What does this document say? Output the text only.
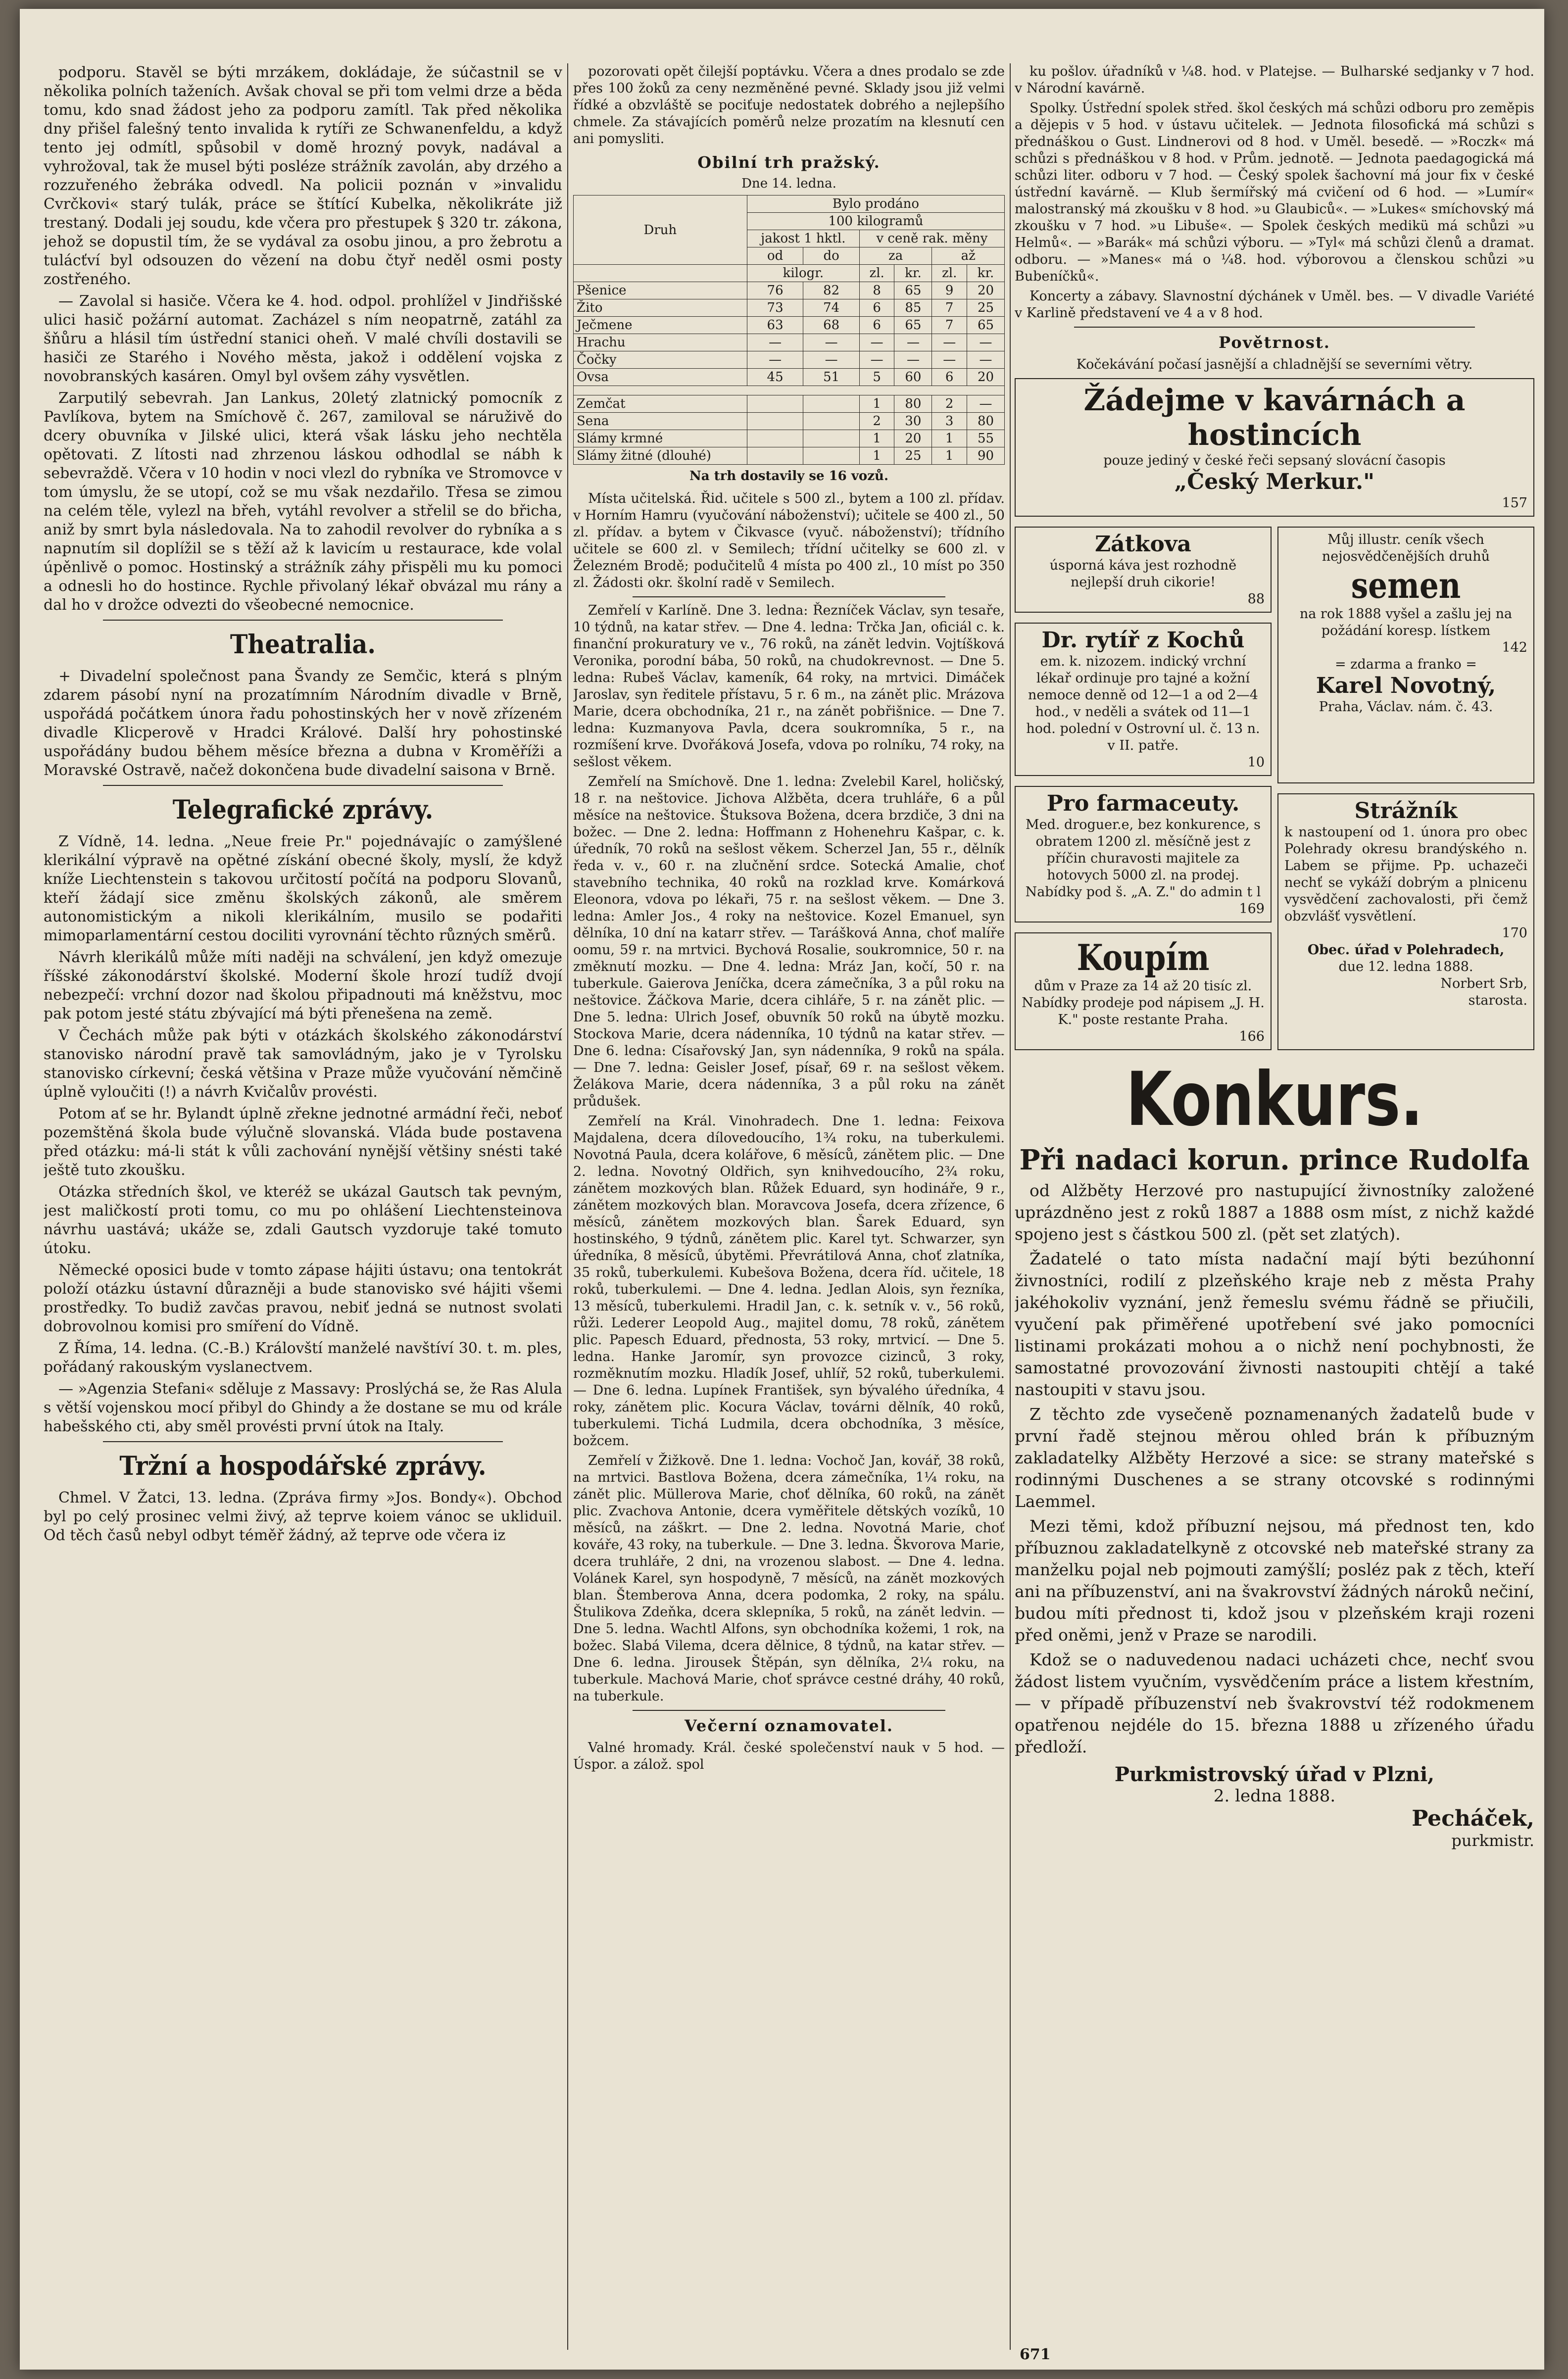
podporu. Stavěl se býti mrzákem, dokládaje, že súčastnil se v několika polních taženích. Avšak choval se při tom velmi drze a běda tomu, kdo snad žádost jeho za podporu zamítl. Tak před několika dny přišel falešný tento invalida k rytíři ze Schwanenfeldu, a když tento jej odmítl, spůsobil v domě hrozný povyk, nadával a vyhrožoval, tak že musel býti posléze strážník zavolán, aby drzého a rozzuřeného žebráka odvedl. Na policii poznán v »invalidu Cvrčkovi« starý tulák, práce se štítící Kubelka, několikráte již trestaný. Dodali jej soudu, kde včera pro přestupek § 320 tr. zákona, jehož se dopustil tím, že se vydával za osobu jinou, a pro žebrotu a tulácťví byl odsouzen do vězení na dobu čtyř neděl osmi posty zostřeného.

— Zavolal si hasiče. Včera ke 4. hod. odpol. prohlížel v Jindřišské ulici hasič požární automat. Zacházel s ním neopatrně, zatáhl za šňůru a hlásil tím ústřední stanici oheň. V malé chvíli dostavili se hasiči ze Starého i Nového města, jakož i oddělení vojska z novobranských kasáren. Omyl byl ovšem záhy vysvětlen.

Zarputilý sebevrah. Jan Lankus, 20letý zlatnický pomocník z Pavlíkova, bytem na Smíchově č. 267, zamiloval se náruživě do dcery obuvníka v Jilské ulici, která však lásku jeho nechtěla opětovati. Z lítosti nad zhrzenou láskou odhodlal se nábh k sebevraždě. Včera v 10 hodin v noci vlezl do rybníka ve Stromovce v tom úmyslu, že se utopí, což se mu však nezdařilo. Třesa se zimou na celém těle, vylezl na břeh, vytáhl revolver a střelil se do břicha, aniž by smrt byla následovala. Na to zahodil revolver do rybníka a s napnutím sil doplížil se s těží až k lavicím u restaurace, kde volal úpěnlivě o pomoc. Hostinský a strážník záhy přispěli mu ku pomoci a odnesli ho do hostince. Rychle přivolaný lékař obvázal mu rány a dal ho v drožce odvezti do všeobecné nemocnice.

Theatralia.

+ Divadelní společnost pana Švandy ze Semčic, která s plným zdarem pásobí nyní na prozatímním Národním divadle v Brně, uspořádá počátkem února řadu pohostinských her v nově zřízeném divadle Klicperově v Hradci Králové. Další hry pohostinské uspořádány budou během měsíce března a dubna v Kroměříži a Moravské Ostravě, načež dokončena bude divadelní saisona v Brně.

Telegrafické zprávy.

Z Vídně, 14. ledna. „Neue freie Pr." pojednávajíc o zamýšlené klerikální výpravě na opětné získání obecné školy, myslí, že když kníže Liechtenstein s takovou určitostí počítá na podporu Slovanů, kteří žádají sice změnu školských zákonů, ale směrem autonomistickým a nikoli klerikálním, musilo se podařiti mimoparlamentární cestou dociliti vyrovnání těchto různých směrů.

Návrh klerikálů může míti naději na schválení, jen když omezuje říšské zákonodárství školské. Moderní škole hrozí tudíž dvojí nebezpečí: vrchní dozor nad školou připadnouti má kněžstvu, moc pak potom jesté státu zbývající má býti přenešena na země.

V Čechách může pak býti v otázkách školského zákonodárství stanovisko národní pravě tak samovládným, jako je v Tyrolsku stanovisko církevní; česká většina v Praze může vyučování němčině úplně vyloučiti (!) a návrh Kvičalův provésti.

Potom ať se hr. Bylandt úplně zřekne jednotné armádní řeči, neboť pozemštěná škola bude výlučně slovanská. Vláda bude postavena před otázku: má-li stát k vůli zachování nynější většiny snésti také ještě tuto zkoušku.

Otázka středních škol, ve kteréž se ukázal Gautsch tak pevným, jest maličkostí proti tomu, co mu po ohlášení Liechtensteinova návrhu uastává; ukáže se, zdali Gautsch vyzdoruje také tomuto útoku.

Německé oposici bude v tomto zápase hájiti ústavu; ona tentokrát položí otázku ústavní důrazněji a bude stanovisko své hájiti všemi prostředky. To budiž zavčas pravou, nebiť jedná se nutnost svolati dobrovolnou komisi pro smíření do Vídně.

Z Říma, 14. ledna. (C.-B.) Královští manželé navštíví 30. t. m. ples, pořádaný rakouským vyslanectvem.

— »Agenzia Stefani« sděluje z Massavy: Proslýchá se, že Ras Alula s větší vojenskou mocí přibyl do Ghindy a že dostane se mu od krále habešského cti, aby směl provésti první útok na Italy.

Tržní a hospodářské zprávy.

Chmel. V Žatci, 13. ledna. (Zpráva firmy »Jos. Bondy«). Obchod byl po celý prosinec velmi živý, až teprve koiem vánoc se ukliduil. Od těch časů nebyl odbyt téměř žádný, až teprve ode včera iz

pozorovati opět čilejší poptávku. Včera a dnes prodalo se zde přes 100 žoků za ceny nezměněné pevné. Sklady jsou již velmi řídké a obzvláště se pociťuje nedostatek dobrého a nejlepšího chmele. Za stávajících poměrů nelze prozatím na klesnutí cen ani pomysliti.

Obilní trh pražský.
Dne 14. ledna.
Druh	Bylo prodáno					
	100 kilogramů					
	jakost 1 hktl.		v ceně rak. měny			
	od	do	za		až	
	kilogr.		zl.	kr.	zl.	kr.
Pšenice	76	82	8	65	9	20
Žito	73	74	6	85	7	25
Ječmene	63	68	6	65	7	65
Hrachu	—	—	—	—	—	—
Čočky	—	—	—	—	—	—
Ovsa	45	51	5	60	6	20

Zemčat			1	80	2	—
Sena			2	30	3	80
Slámy krmné			1	20	1	55
Slámy žitné (dlouhé)			1	25	1	90
Na trh dostavily se 16 vozů.

Místa učitelská. Řid. učitele s 500 zl., bytem a 100 zl. přídav. v Horním Hamru (vyučování náboženství); učitele se 400 zl., 50 zl. přídav. a bytem v Čikvasce (vyuč. náboženství); třídního učitele se 600 zl. v Semilech; třídní učitelky se 600 zl. v Železném Brodě; podučitelů 4 místa po 400 zl., 10 míst po 350 zl. Žádosti okr. školní radě v Semilech.

Zemřelí v Karlíně. Dne 3. ledna: Řezníček Václav, syn tesaře, 10 týdnů, na katar střev. — Dne 4. ledna: Trčka Jan, oficiál c. k. finanční prokuratury ve v., 76 roků, na zánět ledvin. Vojtíšková Veronika, porodní bába, 50 roků, na chudokrevnost. — Dne 5. ledna: Rubeš Václav, kameník, 64 roky, na mrtvici. Dimáček Jaroslav, syn ředitele přístavu, 5 r. 6 m., na zánět plic. Mrázova Marie, dcera obchodníka, 21 r., na zánět pobřišnice. — Dne 7. ledna: Kuzmanyova Pavla, dcera soukromníka, 5 r., na rozmíšení krve. Dvořáková Josefa, vdova po rolníku, 74 roky, na sešlost věkem.

Zemřelí na Smíchově. Dne 1. ledna: Zvelebil Karel, holičský, 18 r. na neštovice. Jichova Alžběta, dcera truhláře, 6 a půl měsíce na neštovice. Štuksova Božena, dcera brzdiče, 3 dni na božec. — Dne 2. ledna: Hoffmann z Hohenehru Kašpar, c. k. úředník, 70 roků na sešlost věkem. Scherzel Jan, 55 r., dělník ředa v. v., 60 r. na zlučnění srdce. Sotecká Amalie, choť stavebního technika, 40 roků na rozklad krve. Komárková Eleonora, vdova po lékaři, 75 r. na sešlost věkem. — Dne 3. ledna: Amler Jos., 4 roky na neštovice. Kozel Emanuel, syn dělníka, 10 dní na katarr střev. — Tarášková Anna, choť malíře oomu, 59 r. na mrtvici. Bychová Rosalie, soukromnice, 50 r. na změknutí mozku. — Dne 4. ledna: Mráz Jan, kočí, 50 r. na tuberkule. Gaierova Jeníčka, dcera zámečníka, 3 a půl roku na neštovice. Žáčkova Marie, dcera cihláře, 5 r. na zánět plic. — Dne 5. ledna: Ulrich Josef, obuvník 50 roků na úbytě mozku. Stockova Marie, dcera nádenníka, 10 týdnů na katar střev. — Dne 6. ledna: Císařovský Jan, syn nádenníka, 9 roků na spála. — Dne 7. ledna: Geisler Josef, písař, 69 r. na sešlost věkem. Želákova Marie, dcera nádenníka, 3 a půl roku na zánět průdušek.

Zemřelí na Král. Vinohradech. Dne 1. ledna: Feixova Majdalena, dcera dílovedoucího, 1¾ roku, na tuberkulemi. Novotná Paula, dcera kolářove, 6 měsíců, zánětem plic. — Dne 2. ledna. Novotný Oldřich, syn knihvedoucího, 2¾ roku, zánětem mozkových blan. Růžek Eduard, syn hodináře, 9 r., zánětem mozkových blan. Moravcova Josefa, dcera zřízence, 6 měsíců, zánětem mozkových blan. Šarek Eduard, syn hostinského, 9 týdnů, zánětem plic. Karel tyt. Schwarzer, syn úředníka, 8 měsíců, úbytěmi. Převrátilová Anna, choť zlatníka, 35 roků, tuberkulemi. Kubešova Božena, dcera říd. učitele, 18 roků, tuberkulemi. — Dne 4. ledna. Jedlan Alois, syn řezníka, 13 měsíců, tuberkulemi. Hradil Jan, c. k. setník v. v., 56 roků, růži. Lederer Leopold Aug., majitel domu, 78 roků, zánětem plic. Papesch Eduard, přednosta, 53 roky, mrtvicí. — Dne 5. ledna. Hanke Jaromír, syn provozce cizinců, 3 roky, rozměknutím mozku. Hladík Josef, uhlíř, 52 roků, tuberkulemi. — Dne 6. ledna. Lupínek František, syn bývalého úředníka, 4 roky, zánětem plic. Kocura Václav, továrni dělník, 40 roků, tuberkulemi. Tichá Ludmila, dcera obchodníka, 3 měsíce, božcem.

Zemřelí v Žižkově. Dne 1. ledna: Vochoč Jan, kovář, 38 roků, na mrtvici. Bastlova Božena, dcera zámečníka, 1¼ roku, na zánět plic. Müllerova Marie, choť dělníka, 60 roků, na zánět plic. Zvachova Antonie, dcera vyměřitele dětských vozíků, 10 měsíců, na záškrt. — Dne 2. ledna. Novotná Marie, choť kováře, 43 roky, na tuberkule. — Dne 3. ledna. Škvorova Marie, dcera truhláře, 2 dni, na vrozenou slabost. — Dne 4. ledna. Volánek Karel, syn hospodyně, 7 měsíců, na zánět mozkových blan. Štemberova Anna, dcera podomka, 2 roky, na spálu. Štulikova Zdeňka, dcera sklepníka, 5 roků, na zánět ledvin. — Dne 5. ledna. Wachtl Alfons, syn obchodníka kožemi, 1 rok, na božec. Slabá Vilema, dcera dělnice, 8 týdnů, na katar střev. — Dne 6. ledna. Jirousek Štěpán, syn dělníka, 2¼ roku, na tuberkule. Machová Marie, choť správce cestné dráhy, 40 roků, na tuberkule.

Večerní oznamovatel.

Valné hromady. Král. české společenství nauk v 5 hod. — Úspor. a zálož. spol

ku pošlov. úřadníků v ¼8. hod. v Platejse. — Bulharské sedjanky v 7 hod. v Národní kavárně.

Spolky. Ústřední spolek střed. škol českých má schůzi odboru pro zeměpis a dějepis v 5 hod. v ústavu učitelek. — Jednota filosofická má schůzi s přednáškou o Gust. Lindnerovi od 8 hod. v Uměl. besedě. — »Roczk« má schůzi s přednáškou v 8 hod. v Prům. jednotě. — Jednota paedagogická má schůzi liter. odboru v 7 hod. — Český spolek šachovní má jour fix v české ústřední kavárně. — Klub šermířský má cvičení od 6 hod. — »Lumír« malostranský má zkoušku v 8 hod. »u Glaubiců«. — »Lukes« smíchovský má zkoušku v 7 hod. »u Libuše«. — Spolek českých medikü má schůzi »u Helmů«. — »Barák« má schůzi výboru. — »Tyl« má schůzi členů a dramat. odboru. — »Manes« má o ¼8. hod. výborovou a členskou schůzi »u Bubeníčků«.

Koncerty a zábavy. Slavnostní dýchánek v Uměl. bes. — V divadle Variété v Karlině představení ve 4 a v 8 hod.

Povětrnost.

Kočekávání počasí jasnější a chladnější se severními větry.

Žádejme v kavárnách a hostincích
pouze jediný v české řeči sepsaný slovácní časopis
„Český Merkur."
157
Zátkova
úsporná káva jest rozhodně nejlepší druh cikorie!
88
Dr. rytíř z Kochů
em. k. nizozem. indický vrchní lékař ordinuje pro tajné a kožní nemoce denně od 12—1 a od 2—4 hod., v neděli a svátek od 11—1 hod. polední v Ostrovní ul. č. 13 n. v II. patře.
10
Pro farmaceuty.
Med. droguer.e, bez konkurence, s obratem 1200 zl. měsíčně jest z příčin churavosti majitele za hotovych 5000 zl. na prodej. Nabídky pod š. „A. Z." do admin t l
169
Koupím
dům v Praze za 14 až 20 tisíc zl.
Nabídky prodeje pod nápisem „J. H. K." poste restante Praha.
166
Můj illustr. ceník všech nejosvědčenějších druhů
semen
na rok 1888 vyšel a zašlu jej na požádání koresp. lístkem
142
= zdarma a franko =
Karel Novotný,
Praha, Václav. nám. č. 43.
Strážník
k nastoupení od 1. února pro obec Polehrady okresu brandýského n. Labem se přijme. Pp. uchazeči nechť se vykáží dobrým a plnicenu vysvědčení zachovalosti, při čemž obzvlášť vysvětlení.
170
Obec. úřad v Polehradech,
due 12. ledna 1888.
Norbert Srb,
starosta.
Konkurs.
Při nadaci korun. prince Rudolfa

od Alžběty Herzové pro nastupující živnostníky založené uprázdněno jest z roků 1887 a 1888 osm míst, z nichž každé spojeno jest s částkou 500 zl. (pět set zlatých).

Žadatelé o tato místa nadační mají býti bezúhonní živnostníci, rodilí z plzeňského kraje neb z města Prahy jakéhokoliv vyznání, jenž řemeslu svému řádně se přiučili, vyučení pak přiměřené upotřebení své jako pomocníci listinami prokázati mohou a o nichž není pochybnosti, že samostatné provozování živnosti nastoupiti chtějí a také nastoupiti v stavu jsou.

Z těchto zde vysečeně poznamenaných žadatelů bude v první řadě stejnou měrou ohled brán k příbuzným zakladatelky Alžběty Herzové a sice: se strany mateřské s rodinnými Duschenes a se strany otcovské s rodinnými Laemmel.

Mezi těmi, kdož příbuzní nejsou, má přednost ten, kdo příbuznou zakladatelkyně z otcovské neb mateřské strany za manželku pojal neb pojmouti zamýšlí; posléz pak z těch, kteří ani na příbuzenství, ani na švakrovství žádných nároků nečiní, budou míti přednost ti, kdož jsou v plzeňském kraji rozeni před oněmi, jenž v Praze se narodili.

Kdož se o naduvedenou nadaci ucházeti chce, nechť svou žádost listem vyučním, vysvědčením práce a listem křestním, — v případě příbuzenství neb švakrovství též rodokmenem opatřenou nejdéle do 15. března 1888 u zřízeného úřadu předloží.

Purkmistrovský úřad v Plzni,
2. ledna 1888.
Pecháček,
purkmistr.
671
